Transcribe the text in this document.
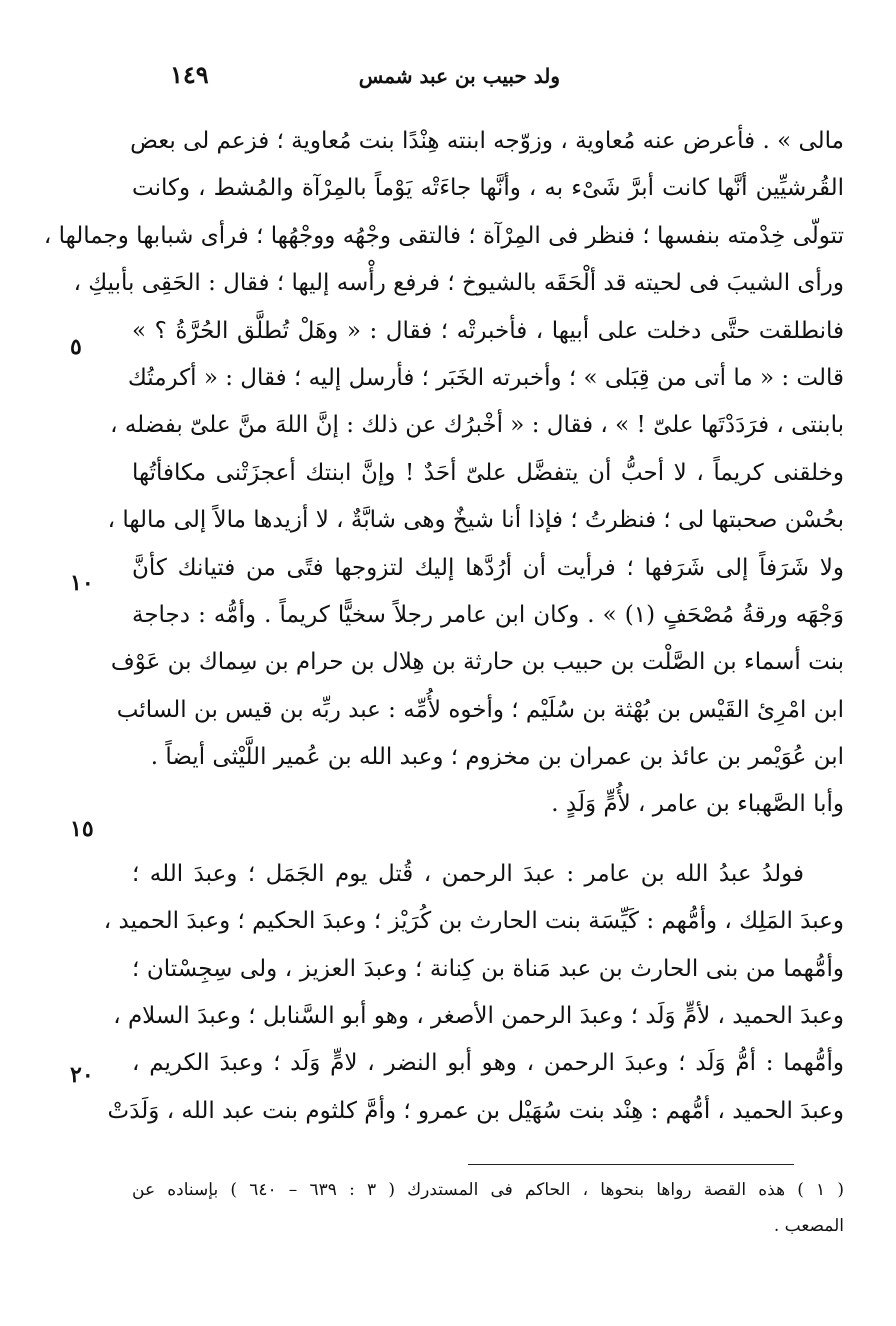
ولد حبيب بن عبد شمس
١٤٩
٥
١٠
١٥
٢٠
مالى » . فأعرض عنه مُعاوية ، وزوّجه ابنته هِنْدًا بنت مُعاوية ؛ فزعم لى بعض
القُرشيِّين أنَّها كانت أبرَّ شَىْء به ، وأنَّها جاءَتْه يَوْماً بالمِرْآة والمُشط ، وكانت
تتولّى خِدْمته بنفسها ؛ فنظر فى المِرْآة ؛ فالتقى وجْهُه ووجْهُها ؛ فرأى شبابها وجمالها ،
ورأى الشيبَ فى لحيته قد ألْحَقَه بالشيوخ ؛ فرفع رأْسه إليها ؛ فقال : الحَقِى بأبيكِ ،
فانطلقت حتَّى دخلت على أبيها ، فأخبرتْه ؛ فقال : « وهَلْ تُطلَّق الحُرَّةُ ؟ »
قالت : « ما أتى من قِبَلى » ؛ وأخبرته الخَبَر ؛ فأرسل إليه ؛ فقال : « أكرمتُك
بابنتى ، فرَدَدْتَها علىّ ! » ، فقال : « أخْبرُك عن ذلك : إنَّ اللهَ منَّ علىّ بفضله ،
وخلقنى كريماً ، لا أحبُّ أن يتفضَّل علىّ أحَدٌ ! وإنَّ ابنتك أعجزَتْنى مكافأتُها
بحُسْن صحبتها لى ؛ فنظرتُ ؛ فإذا أنا شيخٌ وهى شابَّةٌ ، لا أزيدها مالاً إلى مالها ،
ولا شَرَفاً إلى شَرَفها ؛ فرأيت أن أرُدَّها إليك لتزوجها فتًى من فتيانك كأنَّ
وَجْهَه ورقةُ مُصْحَفٍ (١) » . وكان ابن عامر رجلاً سخيًّا كريماً . وأمُّه : دجاجة
بنت أسماء بن الصَّلْت بن حبيب بن حارثة بن هِلال بن حرام بن سِماك بن عَوْف
ابن امْرِئ القَيْس بن بُهْثة بن سُلَيْم ؛ وأخوه لأُمِّه : عبد ربِّه بن قيس بن السائب
ابن عُوَيْمر بن عائذ بن عمران بن مخزوم ؛ وعبد الله بن عُمير اللَّيْثى أيضاً .
وأبا الصَّهباء بن عامر ، لأُمٍّ وَلَدٍ .
فولدُ عبدُ الله بن عامر : عبدَ الرحمن ، قُتل يوم الجَمَل ؛ وعبدَ الله ؛
وعبدَ المَلِك ، وأمُّهم : كَيِّسَة بنت الحارث بن كُرَيْز ؛ وعبدَ الحكيم ؛ وعبدَ الحميد ،
وأمُّهما من بنى الحارث بن عبد مَناة بن كِنانة ؛ وعبدَ العزيز ، ولى سِجِسْتان ؛
وعبدَ الحميد ، لأمٍّ وَلَد ؛ وعبدَ الرحمن الأصغر ، وهو أبو السَّنابل ؛ وعبدَ السلام ،
وأمُّهما : أمُّ وَلَد ؛ وعبدَ الرحمن ، وهو أبو النضر ، لامٍّ وَلَد ؛ وعبدَ الكريم ،
وعبدَ الحميد ، أمُّهم : هِنْد بنت سُهَيْل بن عمرو ؛ وأمَّ كلثوم بنت عبد الله ، وَلَدَتْ
( ١ ) هذه القصة رواها بنحوها ، الحاكم فى المستدرك ( ٣ : ٦٣٩ – ٦٤٠ ) بإسناده عن
المصعب .
